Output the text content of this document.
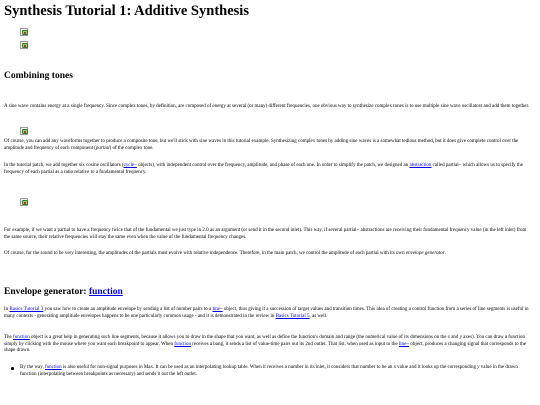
Synthesis Tutorial 1: Additive Synthesis
Combining tones

A sine wave contains energy at a single frequency. Since complex tones, by definition, are composed of energy at several (or many) different frequencies, one obvious way to synthesize complex tones is to use multiple sine wave oscillators and add them together.

Of course, you can add any waveforms together to produce a composite tone, but we'll stick with sine waves in this tutorial example. Synthesizing complex tones by adding sine waves is a somewhat tedious method, but it does give complete control over the amplitude and frequency of each component (partial) of the complex tone.

In the tutorial patch, we add together six cosine oscillators (cycle~ objects), with independent control over the frequency, amplitude, and phase of each one. In order to simplify the patch, we designed an abstraction called partial~ which allows us to specify the frequency of each partial as a ratio relative to a fundamental frequency.

For example, if we want a partial to have a frequency twice that of the fundamental we just type in 2.0 as an argument (or send it in the second inlet). This way, if several partial~ abstractions are receiving their fundamental frequency value (in the left inlet) from the same source, their relative frequencies will stay the same even when the value of the fundamental frequency changes.

Of course, for the sound to be very interesting, the amplitudes of the partials must evolve with relative independence. Therefore, in the main patch, we control the amplitude of each partial with its own envelope generator.

Envelope generator: function

In Basics Tutorial 3 you saw how to create an amplitude envelope by sending a list of number pairs to a line~ object, thus giving it a succession of target values and transition times. This idea of creating a control function from a series of line segments is useful in many contexts - generating amplitude envelopes happens to be one particularly common usage - and it is demonstrated in the review in Basics Tutorial 5, as well.

The function object is a great help in generating such line segments, because it allows you to draw in the shape that you want, as well as define the function's domain and range (the numerical value of its dimensions on the x and y axes). You can draw a function simply by clicking with the mouse where you want each breakpoint to appear. When function receives a bang, it sends a list of value-time pairs out its 2nd outlet. That list, when used as input to the line~ object, produces a changing signal that corresponds to the shape drawn.

By the way, function is also useful for non-signal purposes in Max. It can be used as an interpolating lookup table. When it receives a number in its inlet, it considers that number to be an x value and it looks up the corresponding y value in the drawn function (interpolating between breakpoints as necessary) and sends it out the left outlet.
